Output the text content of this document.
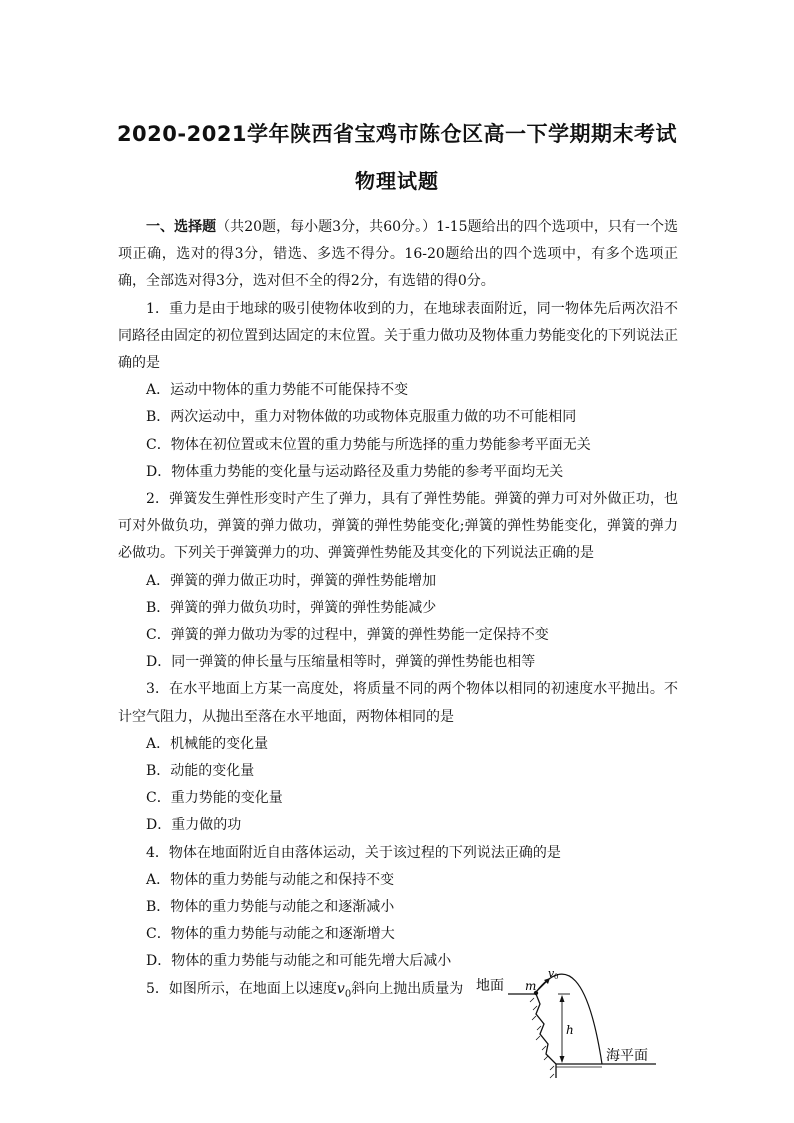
2020-2021学年陕西省宝鸡市陈仓区高一下学期期末考试
物理试题

一、选择题（共20题，每小题3分，共60分。）1-15题给出的四个选项中，只有一个选项正确，选对的得3分，错选、多选不得分。16-20题给出的四个选项中，有多个选项正确，全部选对得3分，选对但不全的得2分，有选错的得0分。

1．重力是由于地球的吸引使物体收到的力，在地球表面附近，同一物体先后两次沿不同路径由固定的初位置到达固定的末位置。关于重力做功及物体重力势能变化的下列说法正确的是

A．运动中物体的重力势能不可能保持不变

B．两次运动中，重力对物体做的功或物体克服重力做的功不可能相同

C．物体在初位置或末位置的重力势能与所选择的重力势能参考平面无关

D．物体重力势能的变化量与运动路径及重力势能的参考平面均无关

2．弹簧发生弹性形变时产生了弹力，具有了弹性势能。弹簧的弹力可对外做正功，也可对外做负功，弹簧的弹力做功，弹簧的弹性势能变化;弹簧的弹性势能变化，弹簧的弹力必做功。下列关于弹簧弹力的功、弹簧弹性势能及其变化的下列说法正确的是

A．弹簧的弹力做正功时，弹簧的弹性势能增加

B．弹簧的弹力做负功时，弹簧的弹性势能减少

C．弹簧的弹力做功为零的过程中，弹簧的弹性势能一定保持不变

D．同一弹簧的伸长量与压缩量相等时，弹簧的弹性势能也相等

3．在水平地面上方某一高度处，将质量不同的两个物体以相同的初速度水平抛出。不计空气阻力，从抛出至落在水平地面，两物体相同的是

A．机械能的变化量

B．动能的变化量

C．重力势能的变化量

D．重力做的功

4．物体在地面附近自由落体运动，关于该过程的下列说法正确的是

A．物体的重力势能与动能之和保持不变

B．物体的重力势能与动能之和逐渐减小

C．物体的重力势能与动能之和逐渐增大

D．物体的重力势能与动能之和可能先增大后减小

5．如图所示，在地面上以速度$v_0$斜向上抛出质量为 地面
海平面
m
h
v 0
